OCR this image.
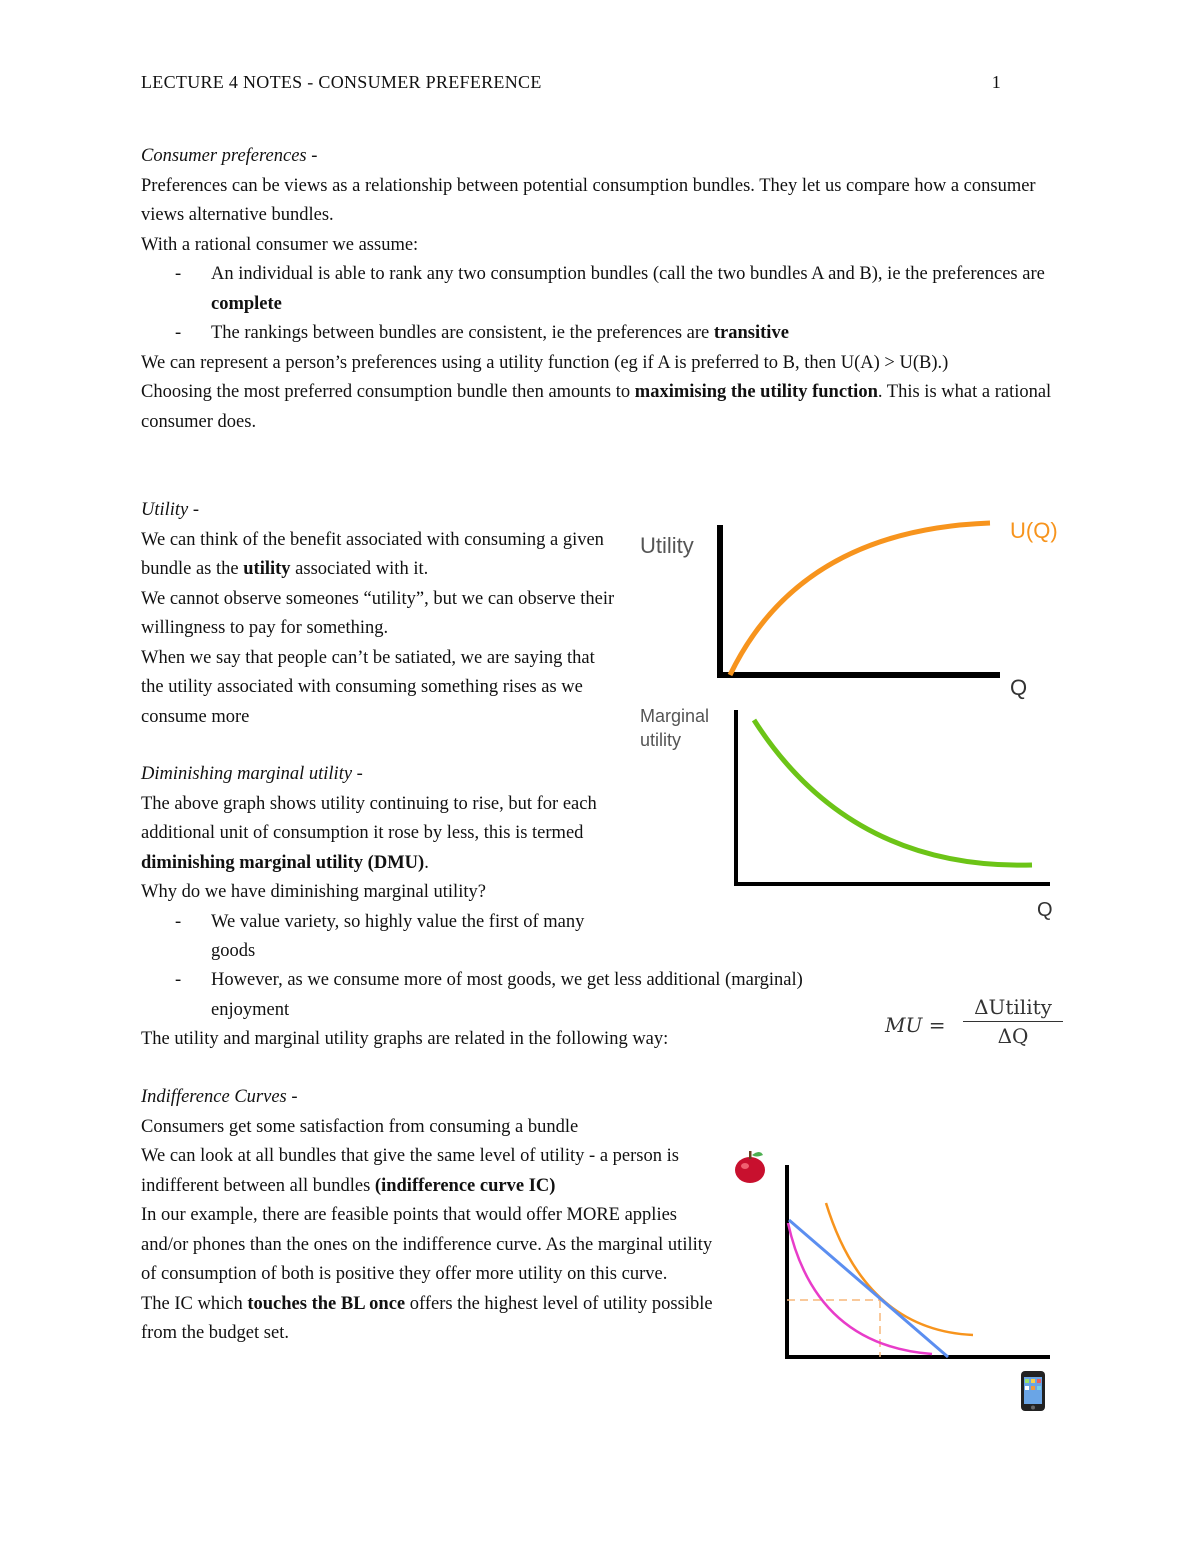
LECTURE 4 NOTES - CONSUMER PREFERENCE	1

Consumer preferences -

Preferences can be views as a relationship between potential consumption bundles. They let us compare how a consumer views alternative bundles.

With a rational consumer we assume:

- An individual is able to rank any two consumption bundles (call the two bundles A and B), ie the preferences are complete

- The rankings between bundles are consistent, ie the preferences are transitive

We can represent a person’s preferences using a utility function (eg if A is preferred to B, then U(A) > U(B).)

Choosing the most preferred consumption bundle then amounts to maximising the utility function. This is what a rational consumer does.

Utility -

We can think of the benefit associated with consuming a given bundle as the utility associated with it.

We cannot observe someones “utility”, but we can observe their willingness to pay for something.

When we say that people can’t be satiated, we are saying that the utility associated with consuming something rises as we consume more

Diminishing marginal utility -

The above graph shows utility continuing to rise, but for each additional unit of consumption it rose by less, this is termed diminishing marginal utility (DMU).

Why do we have diminishing marginal utility?

- We value variety, so highly value the first of many goods

- However, as we consume more of most goods, we get less additional (marginal) enjoyment

The utility and marginal utility graphs are related in the following way:

Indifference Curves -

Consumers get some satisfaction from consuming a bundle

We can look at all bundles that give the same level of utility - a person is indifferent between all bundles (indifference curve IC)

In our example, there are feasible points that would offer MORE applies and/or phones than the ones on the indifference curve. As the marginal utility of consumption of both is positive they offer more utility on this curve.

The IC which touches the BL once offers the highest level of utility possible from the budget set.

Utility
U(Q)
Q
Marginal
utility
Q
MU =
ΔUtility
ΔQ
